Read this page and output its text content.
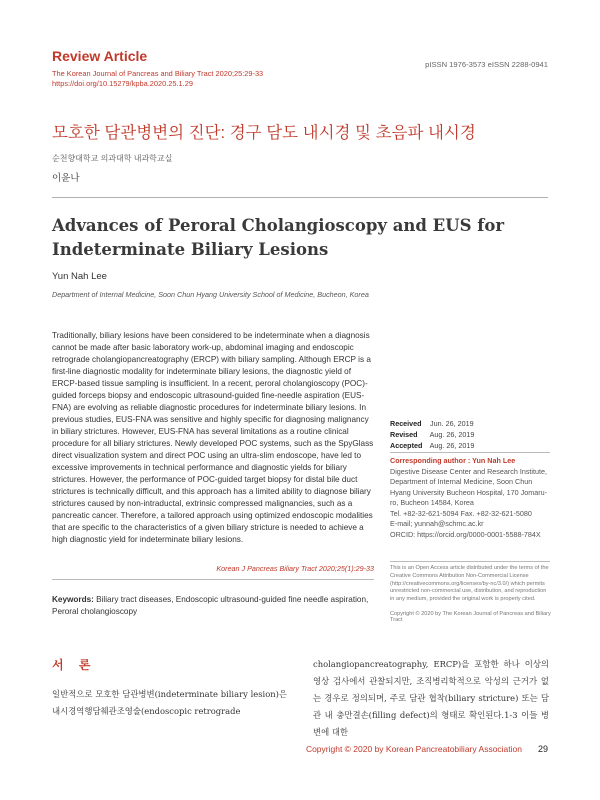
Review Article
The Korean Journal of Pancreas and Biliary Tract 2020;25:29-33
https://doi.org/10.15279/kpba.2020.25.1.29
pISSN 1976-3573 eISSN 2288-0941
모호한 담관병변의 진단: 경구 담도 내시경 및 초음파 내시경
순천향대학교 의과대학 내과학교실
이윤나
Advances of Peroral Cholangioscopy and EUS for Indeterminate Biliary Lesions
Yun Nah Lee
Department of Internal Medicine, Soon Chun Hyang University School of Medicine, Bucheon, Korea
Traditionally, biliary lesions have been considered to be indeterminate when a diagnosis cannot be made after basic laboratory work-up, abdominal imaging and endoscopic retrograde cholangiopancreatography (ERCP) with biliary sampling. Although ERCP is a first-line diagnostic modality for indeterminate biliary lesions, the diagnostic yield of ERCP-based tissue sampling is insufficient. In a recent, peroral cholangioscopy (POC)-guided forceps biopsy and endoscopic ultrasound-guided fine-needle aspiration (EUS-FNA) are evolving as reliable diagnostic procedures for indeterminate biliary lesions. In previous studies, EUS-FNA was sensitive and highly specific for diagnosing malignancy in biliary strictures. However, EUS-FNA has several limitations as a routine clinical procedure for all biliary strictures. Newly developed POC systems, such as the SpyGlass direct visualization system and direct POC using an ultra-slim endoscope, have led to excessive improvements in technical performance and diagnostic yields for biliary strictures. However, the performance of POC-guided target biopsy for distal bile duct strictures is technically difficult, and this approach has a limited ability to diagnose biliary strictures caused by non-intraductal, extrinsic compressed malignancies, such as a pancreatic cancer. Therefore, a tailored approach using optimized endoscopic modalities that are specific to the characteristics of a given biliary stricture is needed to achieve a high diagnostic yield for indeterminate biliary lesions.
Korean J Pancreas Biliary Tract 2020;25(1):29-33
Keywords: Biliary tract diseases, Endoscopic ultrasound-guided fine needle aspiration, Peroral cholangioscopy
Received Jun. 26, 2019
Revised Aug. 26, 2019
Accepted Aug. 26, 2019
Corresponding author : Yun Nah Lee
Digestive Disease Center and Research Institute, Department of Internal Medicine, Soon Chun Hyang University Bucheon Hospital, 170 Jomaru-ro, Bucheon 14584, Korea
Tel. +82-32-621-5094 Fax. +82-32-621-5080
E-mail; yunnah@schmc.ac.kr
ORCID: https://orcid.org/0000-0001-5588-784X
This is an Open Access article distributed under the terms of the Creative Commons Attribution Non-Commercial License (http://creativecommons.org/licenses/by-nc/3.0/) which permits unrestricted non-commercial use, distribution, and reproduction in any medium, provided the original work is properly cited.
Copyright © 2020 by The Korean Journal of Pancreas and Biliary Tract
서 론
일반적으로 모호한 담관병변(indeterminate biliary lesion)은 내시경역행담췌관조영술(endoscopic retrograde
cholangiopancreatography, ERCP)을 포함한 하나 이상의 영상 검사에서 관찰되지만, 조직병리학적으로 악성의 근거가 없는 경우로 정의되며, 주로 담관 협착(biliary stricture) 또는 담관 내 충만결손(filling defect)의 형태로 확인된다.1-3 이들 병변에 대한
Copyright © 2020 by Korean Pancreatobiliary Association 29
